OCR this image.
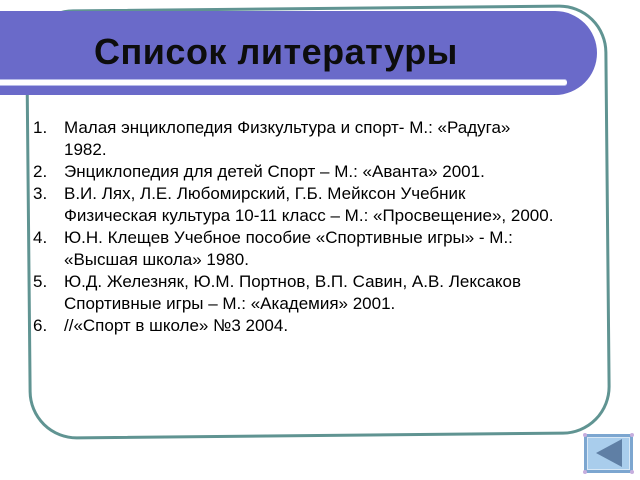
Список литературы
1. Малая энциклопедия Физкультура и спорт- М.: «Радуга»
1982.
2. Энциклопедия для детей Спорт – М.: «Аванта» 2001.
3. В.И. Лях, Л.Е. Любомирский, Г.Б. Мейксон Учебник
Физическая культура 10-11 класс – М.: «Просвещение», 2000.
4. Ю.Н. Клещев Учебное пособие «Спортивные игры» - М.:
«Высшая школа» 1980.
5. Ю.Д. Железняк, Ю.М. Портнов, В.П. Савин, А.В. Лексаков
Спортивные игры – М.: «Академия» 2001.
6. //«Спорт в школе» №3 2004.
